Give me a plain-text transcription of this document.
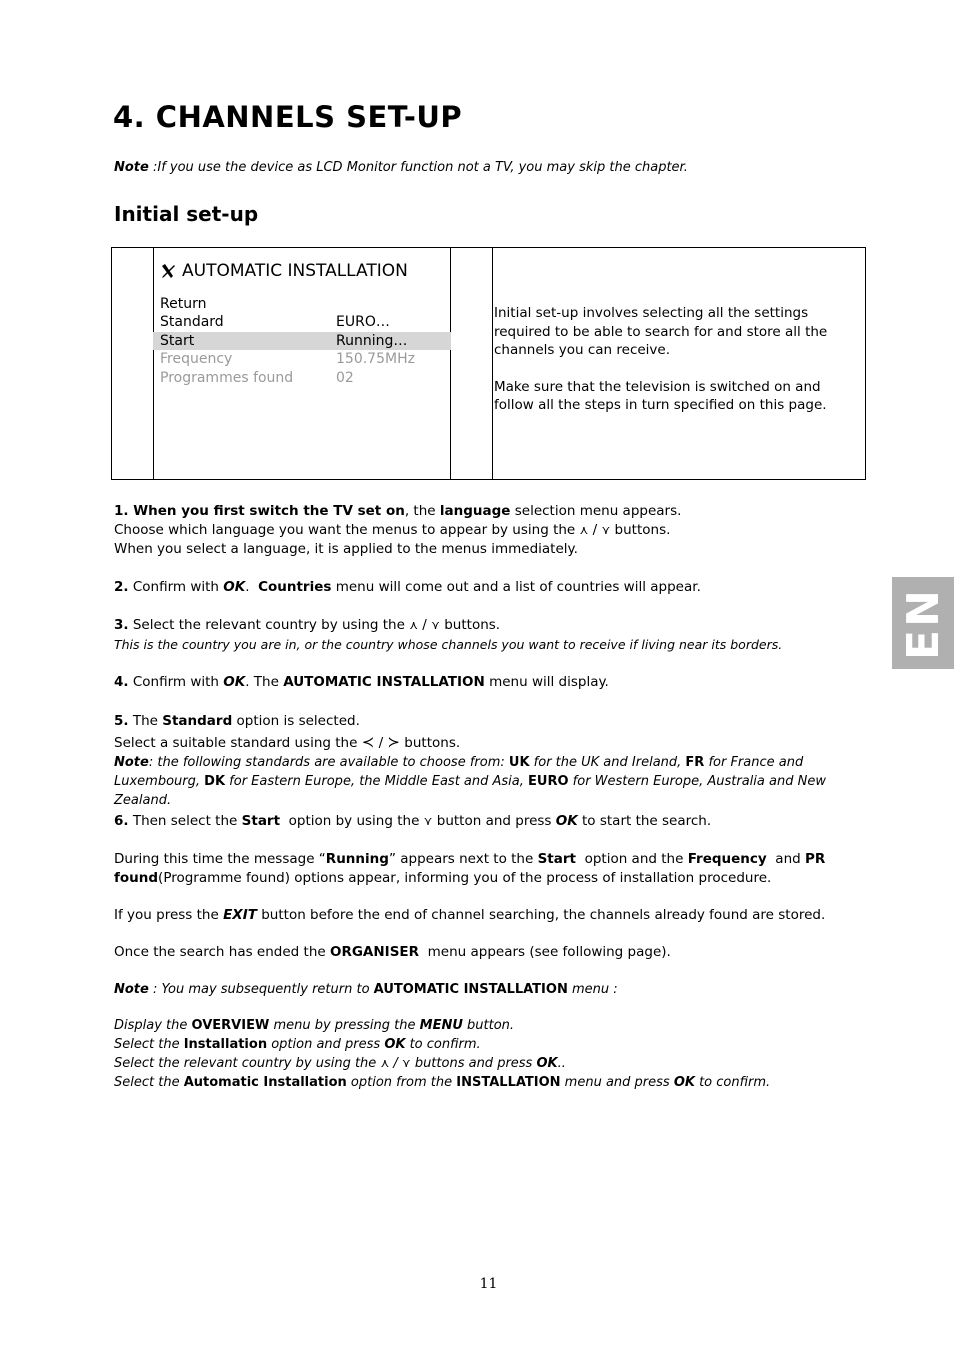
4. CHANNELS SET-UP
Note :If you use the device as LCD Monitor function not a TV, you may skip the chapter.
Initial set-up
AUTOMATIC INSTALLATION
Return
Standard	EURO…
Start	Running…
Frequency	150.75MHz
Programmes found	02

Initial set-up involves selecting all the settings required to be able to search for and store all the channels you can receive.

Make sure that the television is switched on and follow all the steps in turn specified on this page.

1. When you first switch the TV set on, the language selection menu appears.

Choose which language you want the menus to appear by using the ⋏ / ⋎ buttons.

When you select a language, it is applied to the menus immediately.

2. Confirm with OK.  Countries menu will come out and a list of countries will appear.

3. Select the relevant country by using the ⋏ / ⋎ buttons.

This is the country you are in, or the country whose channels you want to receive if living near its borders.

4. Confirm with OK. The AUTOMATIC INSTALLATION menu will display.

5. The Standard option is selected.

Select a suitable standard using the ≺ / ≻ buttons.

Note: the following standards are available to choose from: UK for the UK and Ireland, FR for France and Luxembourg, DK for Eastern Europe, the Middle East and Asia, EURO for Western Europe, Australia and New Zealand.

6. Then select the Start  option by using the ⋎ button and press OK to start the search.

During this time the message “Running” appears next to the Start  option and the Frequency  and PR
found(Programme found) options appear, informing you of the process of installation procedure.

If you press the EXIT button before the end of channel searching, the channels already found are stored.

Once the search has ended the ORGANISER  menu appears (see following page).

Note : You may subsequently return to AUTOMATIC INSTALLATION menu :

Display the OVERVIEW menu by pressing the MENU button.

Select the Installation option and press OK to confirm.

Select the relevant country by using the ⋏ / ⋎ buttons and press OK..

Select the Automatic Installation option from the INSTALLATION menu and press OK to confirm.

EN
11
